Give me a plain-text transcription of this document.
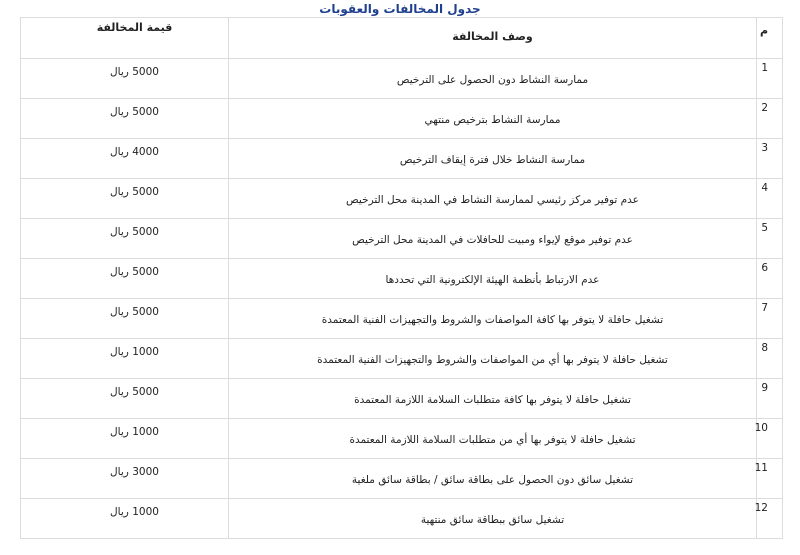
جدول المخالفات والعقوبات
م	وصف المخالفة	قيمة المخالفة

1	ممارسة النشاط دون الحصول على الترخيص	5000 ريال

2	ممارسة النشاط بترخيص منتهي	5000 ريال

3	ممارسة النشاط خلال فترة إيقاف الترخيص	4000 ريال

4	عدم توفير مركز رئيسي لممارسة النشاط في المدينة محل الترخيص	5000 ريال

5	عدم توفير موقع لإيواء ومبيت للحافلات في المدينة محل الترخيص	5000 ريال

6	عدم الارتباط بأنظمة الهيئة الإلكترونية التي تحددها	5000 ريال

7	تشغيل حافلة لا يتوفر بها كافة المواصفات والشروط والتجهيزات الفنية المعتمدة	5000 ريال

8	تشغيل حافلة لا يتوفر بها أي من المواصفات والشروط والتجهيزات الفنية المعتمدة	1000 ريال

9	تشغيل حافلة لا يتوفر بها كافة متطلبات السلامة اللازمة المعتمدة	5000 ريال

10	تشغيل حافلة لا يتوفر بها أي من متطلبات السلامة اللازمة المعتمدة	1000 ريال

11	تشغيل سائق دون الحصول على بطاقة سائق / بطاقة سائق ملغية	3000 ريال

12	تشغيل سائق ببطاقة سائق منتهية	1000 ريال
